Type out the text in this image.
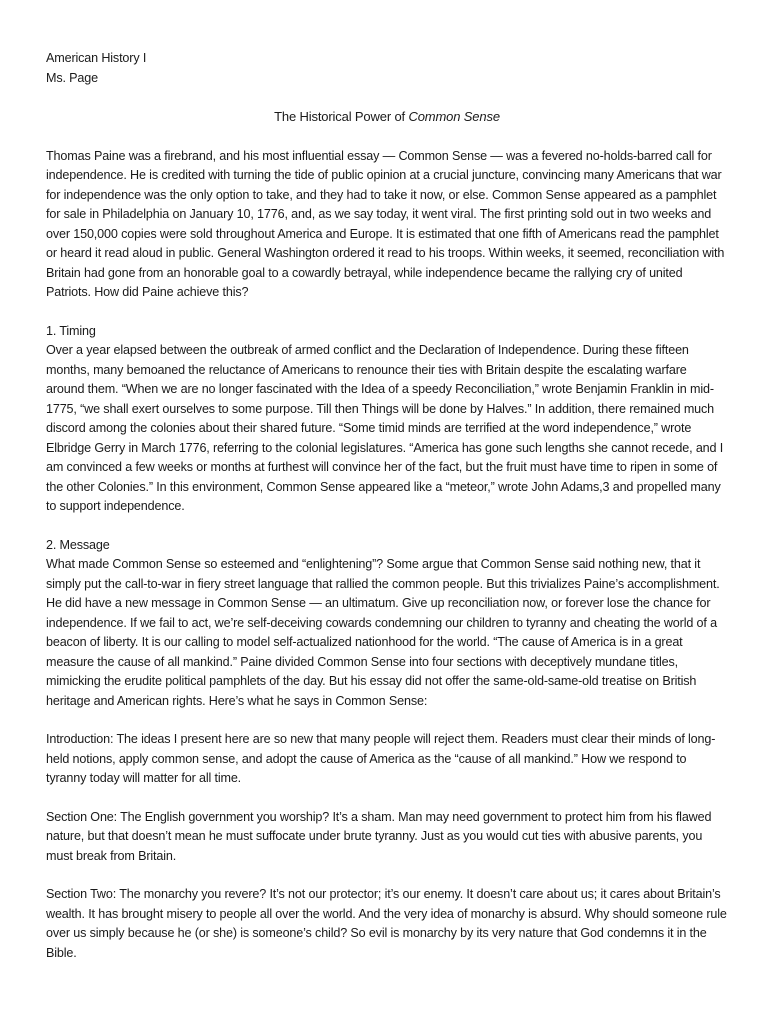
American History I
Ms. Page
The Historical Power of Common Sense

Thomas Paine was a firebrand, and his most influential essay — Common Sense — was a fevered no-holds-barred call for independence. He is credited with turning the tide of public opinion at a crucial juncture, convincing many Americans that war for independence was the only option to take, and they had to take it now, or else. Common Sense appeared as a pamphlet for sale in Philadelphia on January 10, 1776, and, as we say today, it went viral. The first printing sold out in two weeks and over 150,000 copies were sold throughout America and Europe. It is estimated that one fifth of Americans read the pamphlet or heard it read aloud in public. General Washington ordered it read to his troops. Within weeks, it seemed, reconciliation with Britain had gone from an honorable goal to a cowardly betrayal, while independence became the rallying cry of united Patriots. How did Paine achieve this?

1. Timing

Over a year elapsed between the outbreak of armed conflict and the Declaration of Independence. During these fifteen months, many bemoaned the reluctance of Americans to renounce their ties with Britain despite the escalating warfare around them. “When we are no longer fascinated with the Idea of a speedy Reconciliation,” wrote Benjamin Franklin in mid-1775, “we shall exert ourselves to some purpose. Till then Things will be done by Halves.” In addition, there remained much discord among the colonies about their shared future. “Some timid minds are terrified at the word independence,” wrote Elbridge Gerry in March 1776, referring to the colonial legislatures. “America has gone such lengths she cannot recede, and I am convinced a few weeks or months at furthest will convince her of the fact, but the fruit must have time to ripen in some of the other Colonies.” In this environment, Common Sense appeared like a “meteor,” wrote John Adams,3 and propelled many to support independence.

2. Message

What made Common Sense so esteemed and “enlightening”? Some argue that Common Sense said nothing new, that it simply put the call-to-war in fiery street language that rallied the common people. But this trivializes Paine’s accomplishment. He did have a new message in Common Sense — an ultimatum. Give up reconciliation now, or forever lose the chance for independence. If we fail to act, we’re self-deceiving cowards condemning our children to tyranny and cheating the world of a beacon of liberty. It is our calling to model self-actualized nationhood for the world. “The cause of America is in a great measure the cause of all mankind.” Paine divided Common Sense into four sections with deceptively mundane titles, mimicking the erudite political pamphlets of the day. But his essay did not offer the same-old-same-old treatise on British heritage and American rights. Here’s what he says in Common Sense:

Introduction: The ideas I present here are so new that many people will reject them. Readers must clear their minds of long-held notions, apply common sense, and adopt the cause of America as the “cause of all mankind.” How we respond to tyranny today will matter for all time.

Section One: The English government you worship? It’s a sham. Man may need government to protect him from his flawed nature, but that doesn’t mean he must suffocate under brute tyranny. Just as you would cut ties with abusive parents, you must break from Britain.

Section Two: The monarchy you revere? It’s not our protector; it’s our enemy. It doesn’t care about us; it cares about Britain’s wealth. It has brought misery to people all over the world. And the very idea of monarchy is absurd. Why should someone rule over us simply because he (or she) is someone’s child? So evil is monarchy by its very nature that God condemns it in the Bible.
